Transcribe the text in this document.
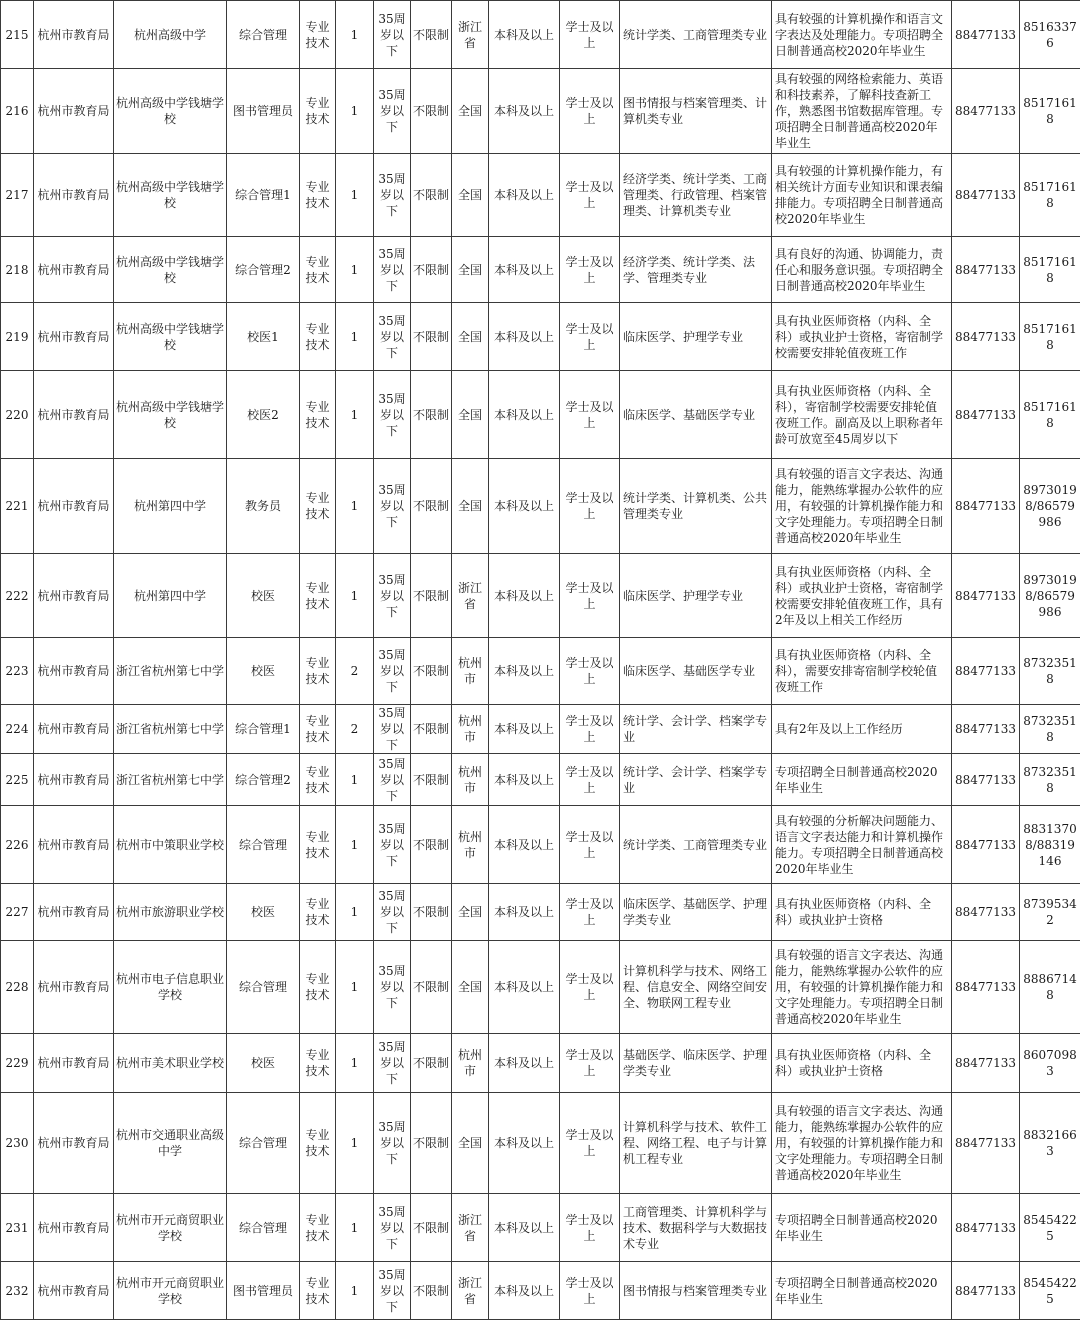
215	杭州市教育局	杭州高级中学	综合管理	专业技术	1	35周岁以下	不限制	浙江省	本科及以上	学士及以上	统计学类、工商管理类专业	具有较强的计算机操作和语言文字表达及处理能力。专项招聘全日制普通高校2020年毕业生	88477133	85163376
216	杭州市教育局	杭州高级中学钱塘学校	图书管理员	专业技术	1	35周岁以下	不限制	全国	本科及以上	学士及以上	图书情报与档案管理类、计算机类专业	具有较强的网络检索能力、英语和科技素养，了解科技查新工作，熟悉图书馆数据库管理。专项招聘全日制普通高校2020年毕业生	88477133	85171618
217	杭州市教育局	杭州高级中学钱塘学校	综合管理1	专业技术	1	35周岁以下	不限制	全国	本科及以上	学士及以上	经济学类、统计学类、工商管理类、行政管理、档案管理类、计算机类专业	具有较强的计算机操作能力，有相关统计方面专业知识和课表编排能力。专项招聘全日制普通高校2020年毕业生	88477133	85171618
218	杭州市教育局	杭州高级中学钱塘学校	综合管理2	专业技术	1	35周岁以下	不限制	全国	本科及以上	学士及以上	经济学类、统计学类、法学、管理类专业	具有良好的沟通、协调能力，责任心和服务意识强。专项招聘全日制普通高校2020年毕业生	88477133	85171618
219	杭州市教育局	杭州高级中学钱塘学校	校医1	专业技术	1	35周岁以下	不限制	全国	本科及以上	学士及以上	临床医学、护理学专业	具有执业医师资格（内科、全科）或执业护士资格，寄宿制学校需要安排轮值夜班工作	88477133	85171618
220	杭州市教育局	杭州高级中学钱塘学校	校医2	专业技术	1	35周岁以下	不限制	全国	本科及以上	学士及以上	临床医学、基础医学专业	具有执业医师资格（内科、全科），寄宿制学校需要安排轮值夜班工作。副高及以上职称者年龄可放宽至45周岁以下	88477133	85171618
221	杭州市教育局	杭州第四中学	教务员	专业技术	1	35周岁以下	不限制	全国	本科及以上	学士及以上	统计学类、计算机类、公共管理类专业	具有较强的语言文字表达、沟通能力，能熟练掌握办公软件的应用，有较强的计算机操作能力和文字处理能力。专项招聘全日制普通高校2020年毕业生	88477133	89730198/86579986
222	杭州市教育局	杭州第四中学	校医	专业技术	1	35周岁以下	不限制	浙江省	本科及以上	学士及以上	临床医学、护理学专业	具有执业医师资格（内科、全科）或执业护士资格，寄宿制学校需要安排轮值夜班工作，具有2年及以上相关工作经历	88477133	89730198/86579986
223	杭州市教育局	浙江省杭州第七中学	校医	专业技术	2	35周岁以下	不限制	杭州市	本科及以上	学士及以上	临床医学、基础医学专业	具有执业医师资格（内科、全科），需要安排寄宿制学校轮值夜班工作	88477133	87323518
224	杭州市教育局	浙江省杭州第七中学	综合管理1	专业技术	2	35周岁以下	不限制	杭州市	本科及以上	学士及以上	统计学、会计学、档案学专业	具有2年及以上工作经历	88477133	87323518
225	杭州市教育局	浙江省杭州第七中学	综合管理2	专业技术	1	35周岁以下	不限制	杭州市	本科及以上	学士及以上	统计学、会计学、档案学专业	专项招聘全日制普通高校2020年毕业生	88477133	87323518
226	杭州市教育局	杭州市中策职业学校	综合管理	专业技术	1	35周岁以下	不限制	杭州市	本科及以上	学士及以上	统计学类、工商管理类专业	具有较强的分析解决问题能力、语言文字表达能力和计算机操作能力。专项招聘全日制普通高校2020年毕业生	88477133	88313708/88319146
227	杭州市教育局	杭州市旅游职业学校	校医	专业技术	1	35周岁以下	不限制	全国	本科及以上	学士及以上	临床医学、基础医学、护理学类专业	具有执业医师资格（内科、全科）或执业护士资格	88477133	87395342
228	杭州市教育局	杭州市电子信息职业学校	综合管理	专业技术	1	35周岁以下	不限制	全国	本科及以上	学士及以上	计算机科学与技术、网络工程、信息安全、网络空间安全、物联网工程专业	具有较强的语言文字表达、沟通能力，能熟练掌握办公软件的应用，有较强的计算机操作能力和文字处理能力。专项招聘全日制普通高校2020年毕业生	88477133	88867148
229	杭州市教育局	杭州市美术职业学校	校医	专业技术	1	35周岁以下	不限制	杭州市	本科及以上	学士及以上	基础医学、临床医学、护理学类专业	具有执业医师资格（内科、全科）或执业护士资格	88477133	86070983
230	杭州市教育局	杭州市交通职业高级中学	综合管理	专业技术	1	35周岁以下	不限制	全国	本科及以上	学士及以上	计算机科学与技术、软件工程、网络工程、电子与计算机工程专业	具有较强的语言文字表达、沟通能力，能熟练掌握办公软件的应用，有较强的计算机操作能力和文字处理能力。专项招聘全日制普通高校2020年毕业生	88477133	88321663
231	杭州市教育局	杭州市开元商贸职业学校	综合管理	专业技术	1	35周岁以下	不限制	浙江省	本科及以上	学士及以上	工商管理类、计算机科学与技术、数据科学与大数据技术专业	专项招聘全日制普通高校2020年毕业生	88477133	85454225
232	杭州市教育局	杭州市开元商贸职业学校	图书管理员	专业技术	1	35周岁以下	不限制	浙江省	本科及以上	学士及以上	图书情报与档案管理类专业	专项招聘全日制普通高校2020年毕业生	88477133	85454225
